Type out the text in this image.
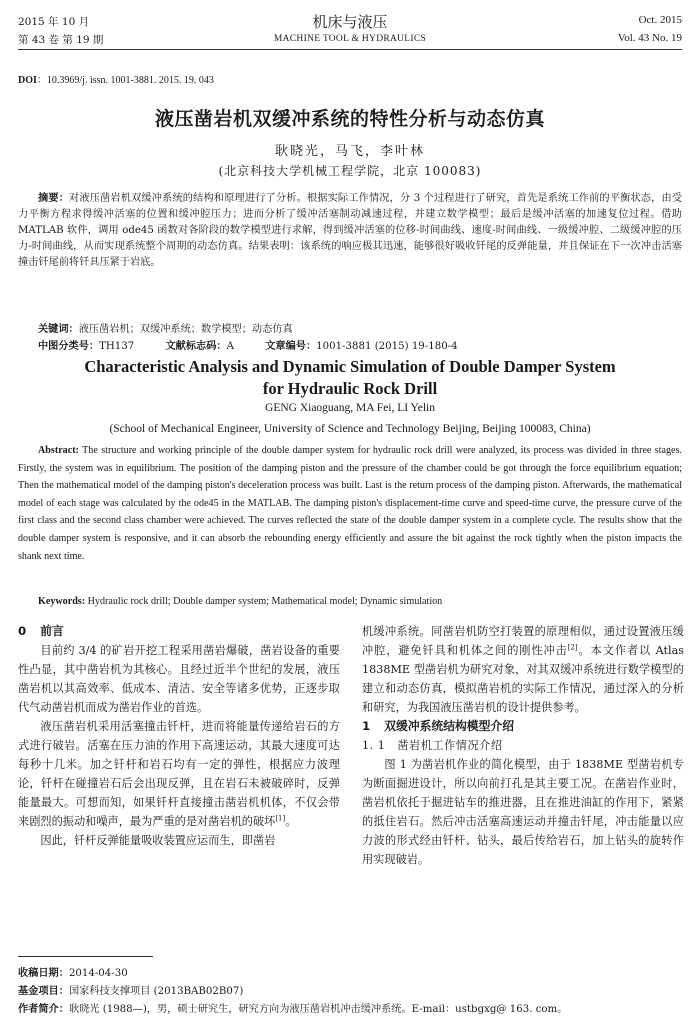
2015 年 10 月
第 43 卷 第 19 期
机床与液压
MACHINE TOOL & HYDRAULICS
Oct. 2015
Vol. 43 No. 19
DOI：10.3969/j. issn. 1001-3881. 2015. 19. 043
液压凿岩机双缓冲系统的特性分析与动态仿真
耿晓光，马飞，李叶林
(北京科技大学机械工程学院，北京 100083)
摘要：对液压凿岩机双缓冲系统的结构和原理进行了分析。根据实际工作情况，分 3 个过程进行了研究，首先是系统工作前的平衡状态，由受力平衡方程求得缓冲活塞的位置和缓冲腔压力；进而分析了缓冲活塞制动减速过程，并建立数学模型；最后是缓冲活塞的加速复位过程。借助 MATLAB 软件，调用 ode45 函数对各阶段的数学模型进行求解，得到缓冲活塞的位移-时间曲线、速度-时间曲线、一级缓冲腔、二级缓冲腔的压力-时间曲线，从而实现系统整个周期的动态仿真。结果表明：该系统的响应极其迅速，能够很好吸收钎尾的反弹能量，并且保证在下一次冲击活塞撞击钎尾前将钎具压紧于岩底。
关键词：液压凿岩机；双缓冲系统；数学模型；动态仿真
中图分类号：TH137	文献标志码：A	文章编号：1001-3881 (2015) 19-180-4
Characteristic Analysis and Dynamic Simulation of Double Damper System
for Hydraulic Rock Drill
GENG Xiaoguang, MA Fei, LI Yelin
(School of Mechanical Engineer, University of Science and Technology Beijing, Beijing 100083, China)
Abstract: The structure and working principle of the double damper system for hydraulic rock drill were analyzed, its process was divided in three stages. Firstly, the system was in equilibrium. The position of the damping piston and the pressure of the chamber could be got through the force equilibrium equation; Then the mathematical model of the damping piston's deceleration process was built. Last is the return process of the damping piston. Afterwards, the mathematical model of each stage was calculated by the ode45 in the MATLAB. The damping piston's displacement-time curve and speed-time curve, the pressure curve of the first class and the second class chamber were achieved. The curves reflected the state of the double damper system in a complete cycle. The results show that the double damper system is responsive, and it can absorb the rebounding energy efficiently and assure the bit against the rock tightly when the piston impacts the shank next time.
Keywords: Hydraulic rock drill; Double damper system; Mathematical model; Dynamic simulation

0 前言

目前约 3/4 的矿岩开挖工程采用凿岩爆破，凿岩设备的重要性凸显，其中凿岩机为其核心。且经过近半个世纪的发展，液压凿岩机以其高效率、低成本、清洁、安全等诸多优势，正逐步取代气动凿岩机而成为凿岩作业的首选。

液压凿岩机采用活塞撞击钎杆，进而将能量传递给岩石的方式进行破岩。活塞在压力油的作用下高速运动，其最大速度可达每秒十几米。加之钎杆和岩石均有一定的弹性，根据应力波理论，钎杆在碰撞岩石后会出现反弹，且在岩石未被破碎时，反弹能量最大。可想而知，如果钎杆直接撞击凿岩机机体，不仅会带来剧烈的振动和噪声，最为严重的是对凿岩机的破坏[1]。

因此，钎杆反弹能量吸收装置应运而生，即凿岩

机缓冲系统。同凿岩机防空打装置的原理相似，通过设置液压缓冲腔，避免钎具和机体之间的刚性冲击[2]。本文作者以 Atlas 1838ME 型凿岩机为研究对象，对其双缓冲系统进行数学模型的建立和动态仿真，模拟凿岩机的实际工作情况，通过深入的分析和研究，为我国液压凿岩机的设计提供参考。

1 双缓冲系统结构模型介绍

1. 1 凿岩机工作情况介绍

图 1 为凿岩机作业的简化模型，由于 1838ME 型凿岩机专为断面掘进设计，所以向前打孔是其主要工况。在凿岩作业时，凿岩机依托于掘进钻车的推进器，且在推进油缸的作用下，紧紧的抵住岩石。然后冲击活塞高速运动并撞击钎尾，冲击能量以应力波的形式经由钎杆、钻头，最后传给岩石，加上钻头的旋转作用实现破岩。

收稿日期：2014-04-30
基金项目：国家科技支撑项目 (2013BAB02B07)
作者简介：耿晓光 (1988—)，男，硕士研究生，研究方向为液压凿岩机冲击缓冲系统。E-mail：ustbgxg@ 163. com。
